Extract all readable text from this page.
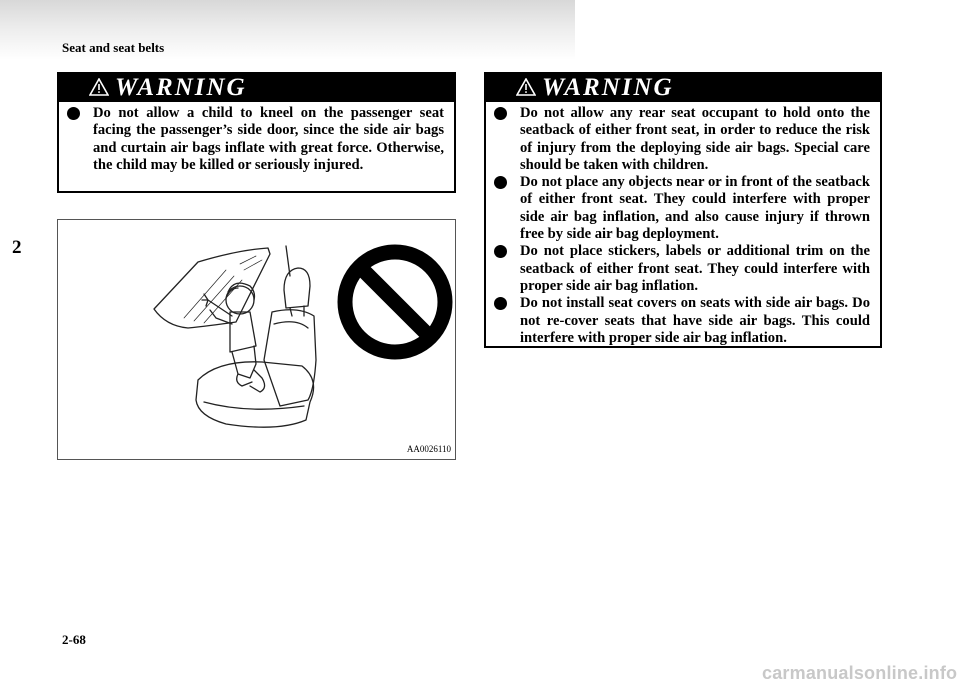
Seat and seat belts
2
WARNING
Do not allow a child to kneel on the passenger seat facing the passenger’s side door, since the side air bags and curtain air bags inflate with great force. Otherwise, the child may be killed or seriously injured.
AA0026110
WARNING
Do not allow any rear seat occupant to hold onto the seatback of either front seat, in order to reduce the risk of injury from the deploying side air bags. Special care should be taken with children.
Do not place any objects near or in front of the seatback of either front seat. They could interfere with proper side air bag inflation, and also cause injury if thrown free by side air bag deployment.
Do not place stickers, labels or additional trim on the seatback of either front seat. They could interfere with proper side air bag inflation.
Do not install seat covers on seats with side air bags. Do not re-cover seats that have side air bags. This could interfere with proper side air bag inflation.
2-68
carmanualsonline.info
